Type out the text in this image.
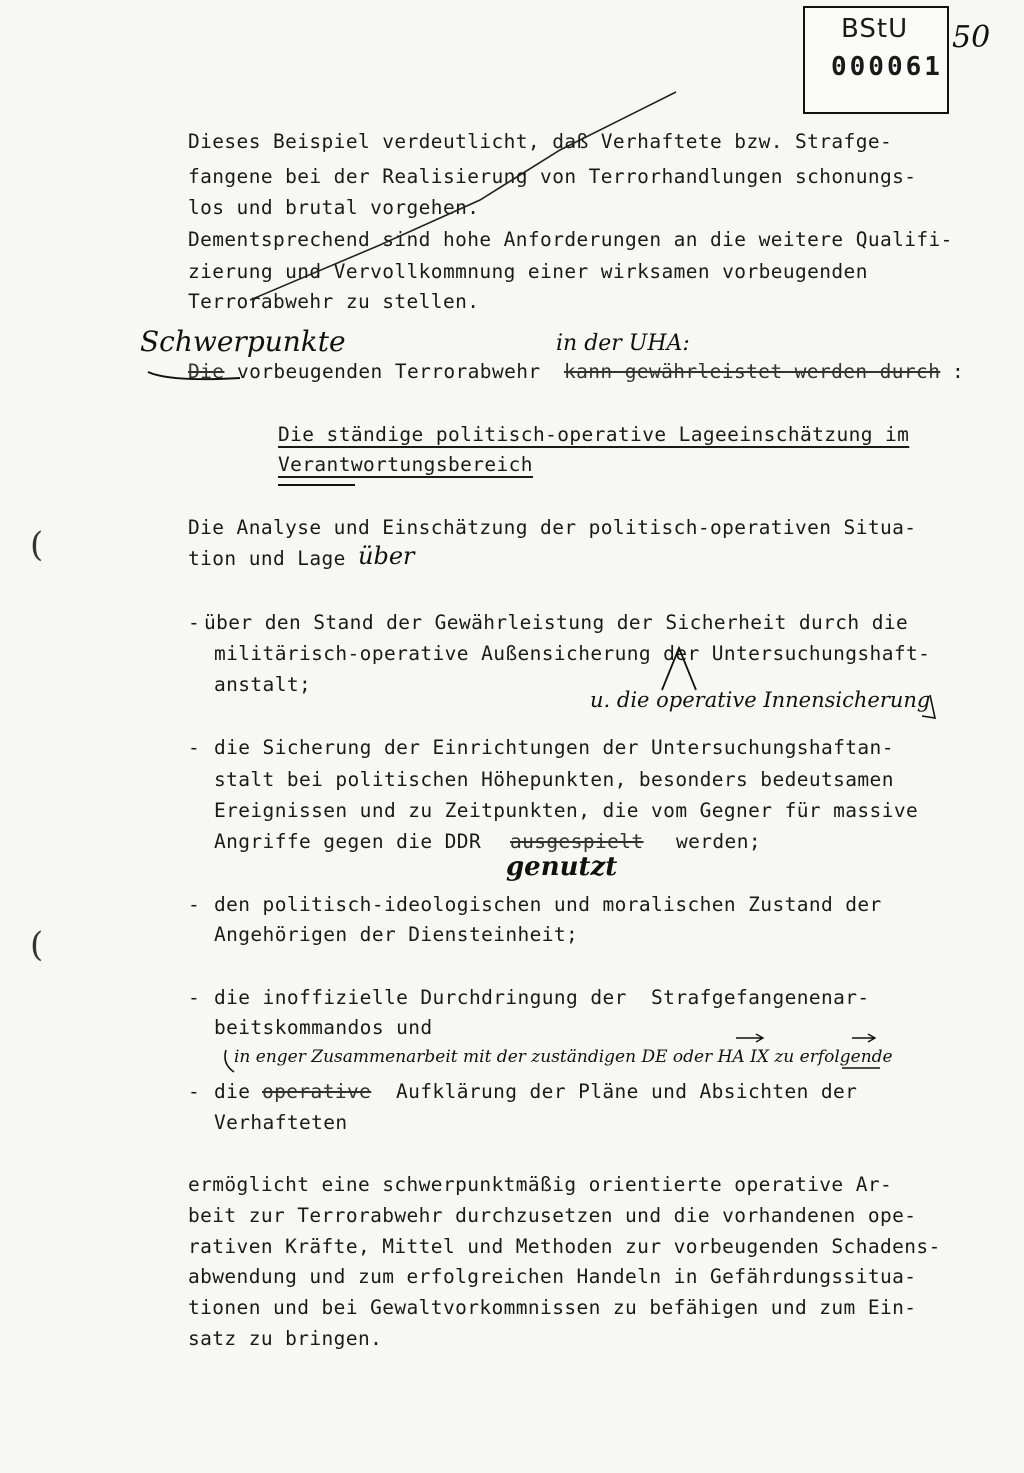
BStU
000061
50
Dieses Beispiel verdeutlicht, daß Verhaftete bzw. Strafge-
fangene bei der Realisierung von Terrorhandlungen schonungs-
los und brutal vorgehen.
Dementsprechend sind hohe Anforderungen an die weitere Qualifi-
zierung und Vervollkommnung einer wirksamen vorbeugenden
Terrorabwehr zu stellen.
Schwerpunkte	in der UHA:
Die vorbeugenden Terrorabwehr kann gewährleistet werden durch :
Die ständige politisch-operative Lageeinschätzung im
Verantwortungsbereich
Die Analyse und Einschätzung der politisch-operativen Situa-
tion und Lage über
- über den Stand der Gewährleistung der Sicherheit durch die
militärisch-operative Außensicherung der Untersuchungshaft-
anstalt;
u. die operative Innensicherung
- die Sicherung der Einrichtungen der Untersuchungshaftan-
stalt bei politischen Höhepunkten, besonders bedeutsamen
Ereignissen und zu Zeitpunkten, die vom Gegner für massive
Angriffe gegen die DDR ausgespielt werden;
genutzt
- den politisch-ideologischen und moralischen Zustand der
Angehörigen der Diensteinheit;
- die inoffizielle Durchdringung der  Strafgefangenenar-
beitskommandos und
in enger Zusammenarbeit mit der zuständigen DE oder HA IX zu erfolgende
- die operative Aufklärung der Pläne und Absichten der
Verhafteten
ermöglicht eine schwerpunktmäßig orientierte operative Ar-
beit zur Terrorabwehr durchzusetzen und die vorhandenen ope-
rativen Kräfte, Mittel und Methoden zur vorbeugenden Schadens-
abwendung und zum erfolgreichen Handeln in Gefährdungssitua-
tionen und bei Gewaltvorkommnissen zu befähigen und zum Ein-
satz zu bringen.
(
(
